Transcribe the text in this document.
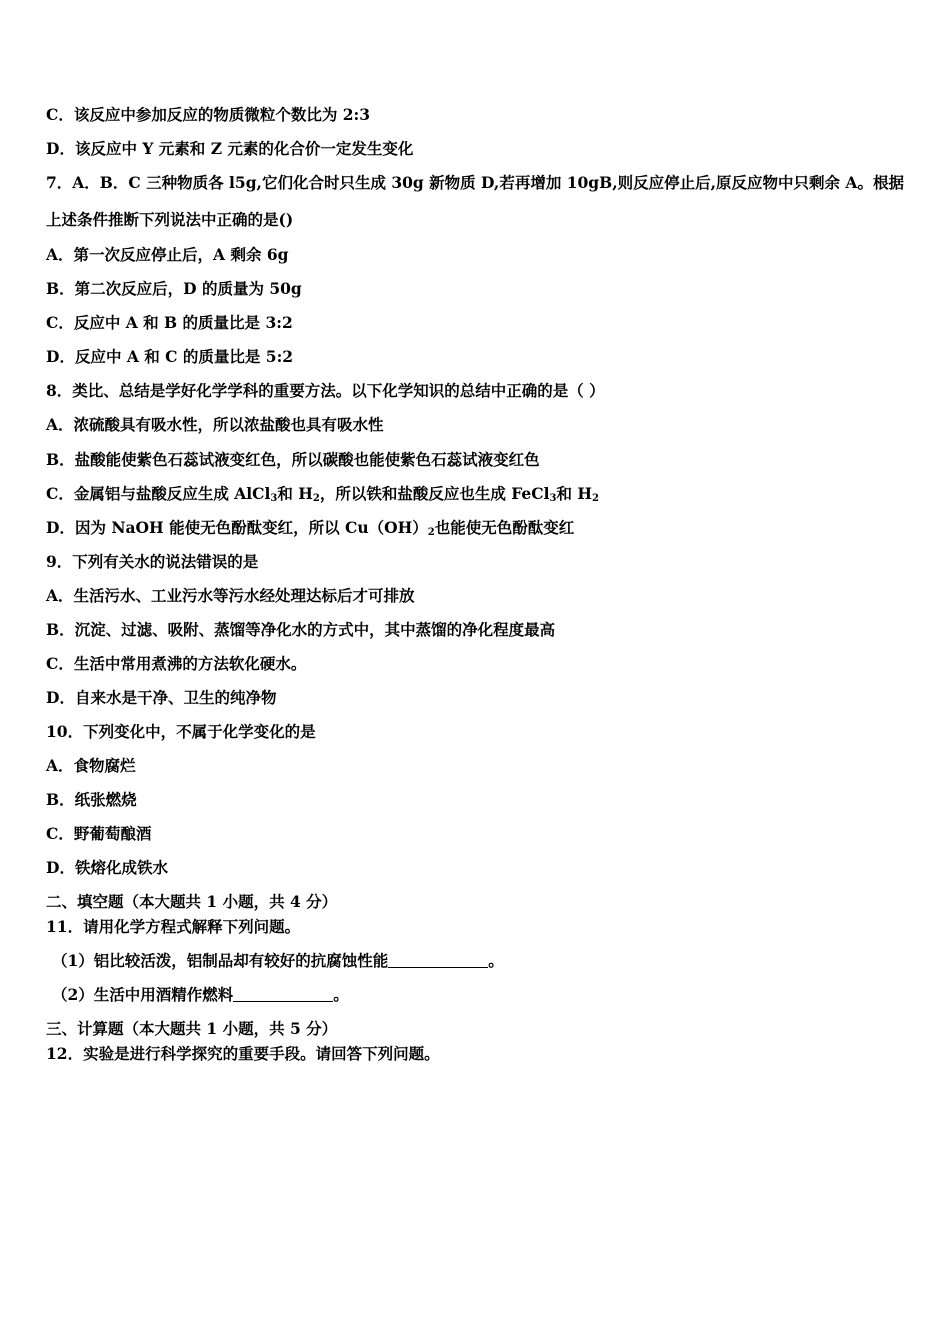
C．该反应中参加反应的物质微粒个数比为 2:3
D．该反应中 Y 元素和 Z 元素的化合价一定发生变化
7．A．B．C 三种物质各 l5g,它们化合时只生成 30g 新物质 D,若再增加 10gB,则反应停止后,原反应物中只剩余 A。根据
上述条件推断下列说法中正确的是()
A．第一次反应停止后，A 剩余 6g
B．第二次反应后，D 的质量为 50g
C．反应中 A 和 B 的质量比是 3:2
D．反应中 A 和 C 的质量比是 5:2
8．类比、总结是学好化学学科的重要方法。以下化学知识的总结中正确的是（ ）
A．浓硫酸具有吸水性，所以浓盐酸也具有吸水性
B．盐酸能使紫色石蕊试液变红色，所以碳酸也能使紫色石蕊试液变红色
C．金属铝与盐酸反应生成 AlCl$_3$和 $H_2$，所以铁和盐酸反应也生成 FeCl$_3$和 $H_2$
D．因为 NaOH 能使无色酚酞变红，所以 $Cu(OH)_2$也能使无色酚酞变红
9．下列有关水的说法错误的是
A．生活污水、工业污水等污水经处理达标后才可排放
B．沉淀、过滤、吸附、蒸馏等净化水的方式中，其中蒸馏的净化程度最高
C．生活中常用煮沸的方法软化硬水。
D．自来水是干净、卫生的纯净物
10．下列变化中，不属于化学变化的是
A．食物腐烂
B．纸张燃烧
C．野葡萄酿酒
D．铁熔化成铁水
二、填空题（本大题共 1 小题，共 4 分）
11．请用化学方程式解释下列问题。
（1）铝比较活泼，铝制品却有较好的抗腐蚀性能	。
（2）生活中用酒精作燃料	。
三、计算题（本大题共 1 小题，共 5 分）
12．实验是进行科学探究的重要手段。请回答下列问题。
